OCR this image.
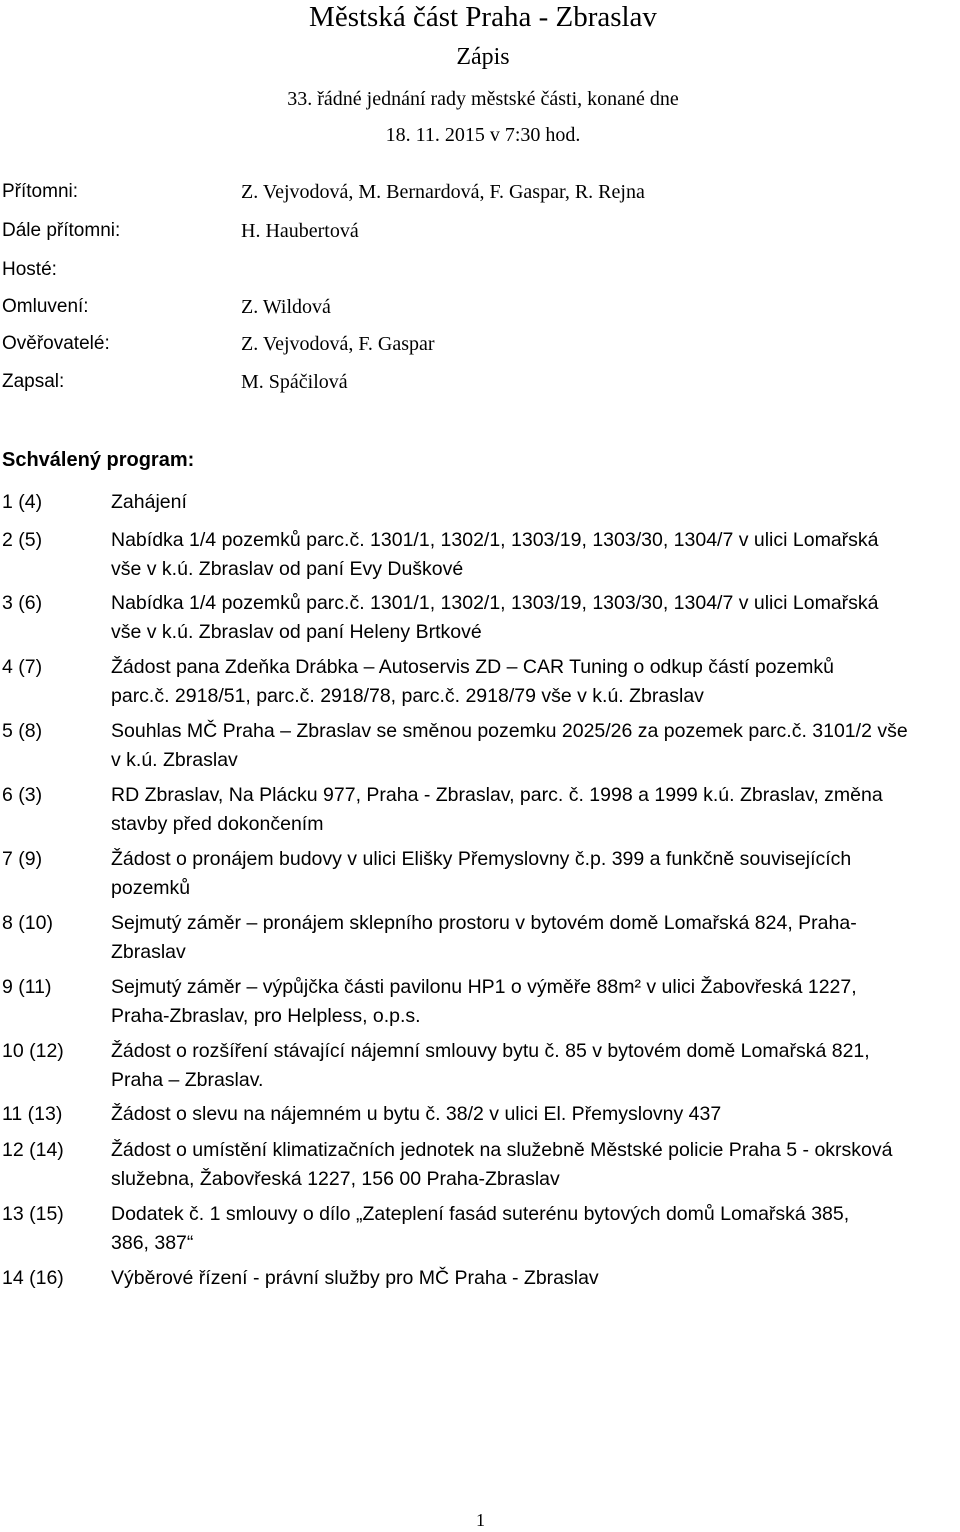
Městská část Praha - Zbraslav
Zápis
33. řádné jednání rady městské části, konané dne
18. 11. 2015 v 7:30 hod.
Přítomni:	Z. Vejvodová, M. Bernardová, F. Gaspar, R. Rejna
Dále přítomni:	H. Haubertová
Hosté:
Omluvení:	Z. Wildová
Ověřovatelé:	Z. Vejvodová, F. Gaspar
Zapsal:	M. Spáčilová
Schválený program:
1 (4)	Zahájení
2 (5)	Nabídka 1/4 pozemků parc.č. 1301/1, 1302/1, 1303/19, 1303/30, 1304/7 v ulici Lomařská
vše v k.ú. Zbraslav od paní Evy Duškové
3 (6)	Nabídka 1/4 pozemků parc.č. 1301/1, 1302/1, 1303/19, 1303/30, 1304/7 v ulici Lomařská
vše v k.ú. Zbraslav od paní Heleny Brtkové
4 (7)	Žádost pana Zdeňka Drábka – Autoservis ZD – CAR Tuning o odkup částí pozemků
parc.č. 2918/51, parc.č. 2918/78, parc.č. 2918/79 vše v k.ú. Zbraslav
5 (8)	Souhlas MČ Praha – Zbraslav se směnou pozemku 2025/26 za pozemek parc.č. 3101/2 vše
v k.ú. Zbraslav
6 (3)	RD Zbraslav, Na Plácku 977, Praha - Zbraslav, parc. č. 1998 a 1999 k.ú. Zbraslav, změna
stavby před dokončením
7 (9)	Žádost o pronájem budovy v ulici Elišky Přemyslovny č.p. 399 a funkčně souvisejících
pozemků
8 (10)	Sejmutý záměr – pronájem sklepního prostoru v bytovém domě Lomařská 824, Praha-
Zbraslav
9 (11)	Sejmutý záměr – výpůjčka části pavilonu HP1 o výměře 88m² v ulici Žabovřeská 1227,
Praha-Zbraslav, pro Helpless, o.p.s.
10 (12) Žádost o rozšíření stávající nájemní smlouvy bytu č. 85 v bytovém domě Lomařská 821,
Praha – Zbraslav.
11 (13) Žádost o slevu na nájemném u bytu č. 38/2 v ulici El. Přemyslovny 437
12 (14) Žádost o umístění klimatizačních jednotek na služebně Městské policie Praha 5 - okrsková
služebna, Žabovřeská 1227, 156 00 Praha-Zbraslav
13 (15) Dodatek č. 1 smlouvy o dílo „Zateplení fasád suterénu bytových domů Lomařská 385,
386, 387“
14 (16) Výběrové řízení - právní služby pro MČ Praha - Zbraslav
1
